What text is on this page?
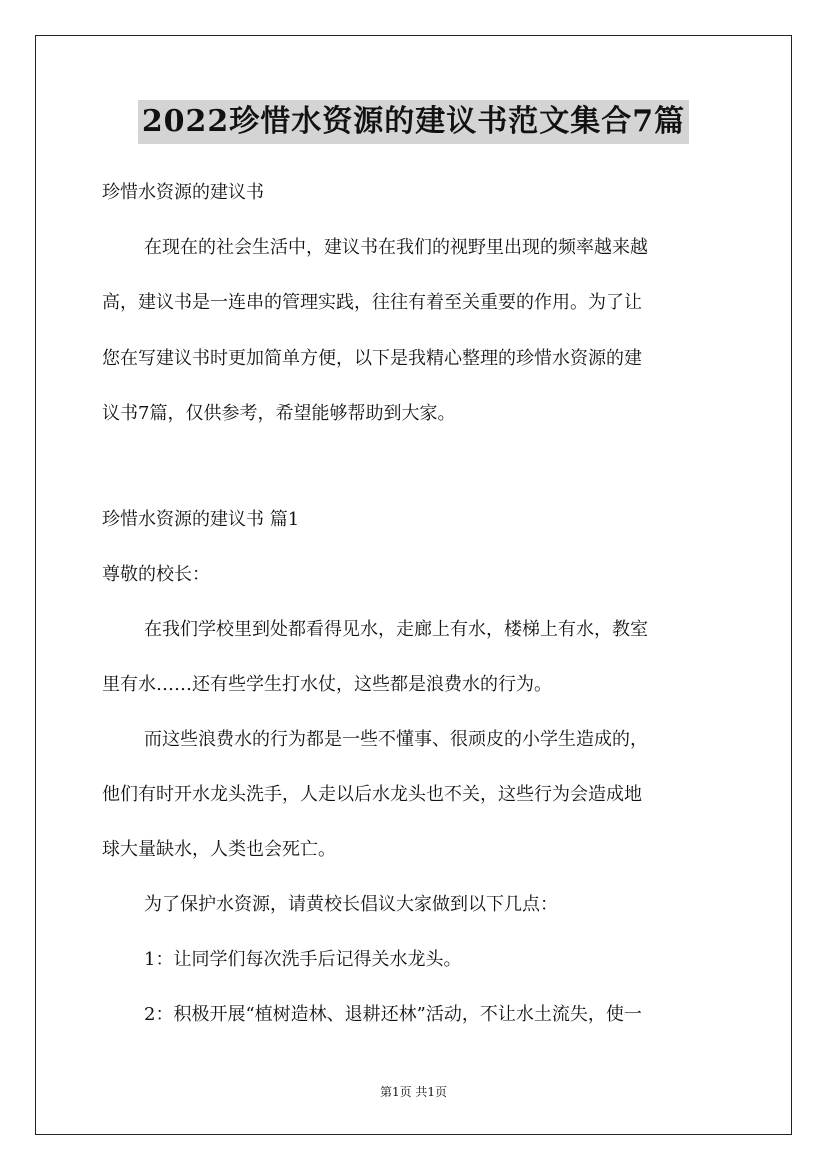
2022珍惜水资源的建议书范文集合7篇
珍惜水资源的建议书
在现在的社会生活中，建议书在我们的视野里出现的频率越来越
高，建议书是一连串的管理实践，往往有着至关重要的作用。为了让
您在写建议书时更加简单方便，以下是我精心整理的珍惜水资源的建
议书7篇，仅供参考，希望能够帮助到大家。
珍惜水资源的建议书 篇1
尊敬的校长：
在我们学校里到处都看得见水，走廊上有水，楼梯上有水，教室
里有水……还有些学生打水仗，这些都是浪费水的行为。
而这些浪费水的行为都是一些不懂事、很顽皮的小学生造成的，
他们有时开水龙头洗手，人走以后水龙头也不关，这些行为会造成地
球大量缺水，人类也会死亡。
为了保护水资源，请黄校长倡议大家做到以下几点：
1：让同学们每次洗手后记得关水龙头。
2：积极开展“植树造林、退耕还林”活动，不让水土流失，使一
第1页 共1页
